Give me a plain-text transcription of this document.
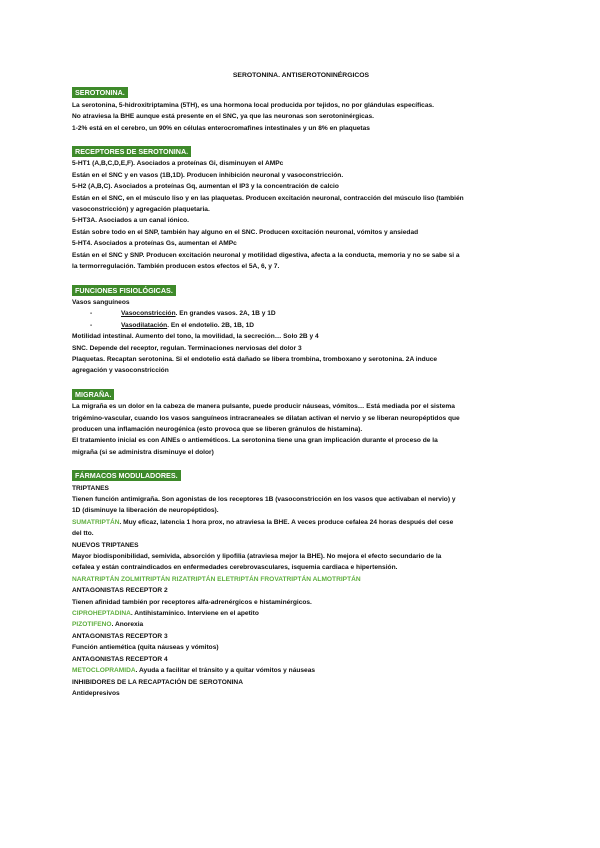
SEROTONINA. ANTISEROTONINÉRGICOS

SEROTONINA.

La serotonina, 5-hidroxitriptamina (5TH), es una hormona local producida por tejidos, no por glándulas específicas.

No atraviesa la BHE aunque está presente en el SNC, ya que las neuronas son serotoninérgicas.

1-2% está en el cerebro, un 90% en células enterocromafines intestinales y un 8% en plaquetas

RECEPTORES DE SEROTONINA.

5-HT1 (A,B,C,D,E,F). Asociados a proteínas Gi, disminuyen el AMPc

Están en el SNC y en vasos (1B,1D). Producen inhibición neuronal y vasoconstricción.

5-H2 (A,B,C). Asociados a proteínas Gq, aumentan el IP3 y la concentración de calcio

Están en el SNC, en el músculo liso y en las plaquetas. Producen excitación neuronal, contracción del músculo liso (también

vasoconstricción) y agregación plaquetaria.

5-HT3A. Asociados a un canal iónico.

Están sobre todo en el SNP, también hay alguno en el SNC. Producen excitación neuronal, vómitos y ansiedad

5-HT4. Asociados a proteínas Gs, aumentan el AMPc

Están en el SNC y SNP. Producen excitación neuronal y motilidad digestiva, afecta a la conducta, memoria y no se sabe si a

la termorregulación. También producen estos efectos el 5A, 6, y 7.

FUNCIONES FISIOLÓGICAS.

Vasos sanguíneos

-	Vasoconstricción. En grandes vasos. 2A, 1B y 1D

-	Vasodilatación. En el endotelio. 2B, 1B, 1D

Motilidad intestinal. Aumento del tono, la movilidad, la secreción… Solo 2B y 4

SNC. Depende del receptor, regulan. Terminaciones nerviosas del dolor 3

Plaquetas. Recaptan serotonina. Si el endotelio está dañado se libera trombina, tromboxano y serotonina. 2A induce

agregación y vasoconstricción

MIGRAÑA.

La migraña es un dolor en la cabeza de manera pulsante, puede producir náuseas, vómitos… Está mediada por el sistema

trigémino-vascular, cuando los vasos sanguíneos intracraneales se dilatan activan el nervio y se liberan neuropéptidos que

producen una inflamación neurogénica (esto provoca que se liberen gránulos de histamina).

El tratamiento inicial es con AINEs o antieméticos. La serotonina tiene una gran implicación durante el proceso de la

migraña (si se administra disminuye el dolor)

FÁRMACOS MODULADORES.

TRIPTANES

Tienen función antimigraña. Son agonistas de los receptores 1B (vasoconstricción en los vasos que activaban el nervio) y

1D (disminuye la liberación de neuropéptidos).

SUMATRIPTÁN. Muy eficaz, latencia 1 hora prox, no atraviesa la BHE. A veces produce cefalea 24 horas después del cese

del tto.

NUEVOS TRIPTANES

Mayor biodisponibilidad, semivida, absorción y lipofilia (atraviesa mejor la BHE). No mejora el efecto secundario de la

cefalea y están contraindicados en enfermedades cerebrovasculares, isquemia cardiaca e hipertensión.

NARATRIPTÁN ZOLMITRIPTÁN RIZATRIPTÁN ELETRIPTÁN FROVATRIPTÁN ALMOTRIPTÁN

ANTAGONISTAS RECEPTOR 2

Tienen afinidad también por receptores alfa-adrenérgicos e histaminérgicos.

CIPROHEPTADINA. Antihistamínico. Interviene en el apetito

PIZOTIFENO. Anorexia

ANTAGONISTAS RECEPTOR 3

Función antiemética (quita náuseas y vómitos)

ANTAGONISTAS RECEPTOR 4

METOCLOPRAMIDA. Ayuda a facilitar el tránsito y a quitar vómitos y náuseas

INHIBIDORES DE LA RECAPTACIÓN DE SEROTONINA

Antidepresivos
